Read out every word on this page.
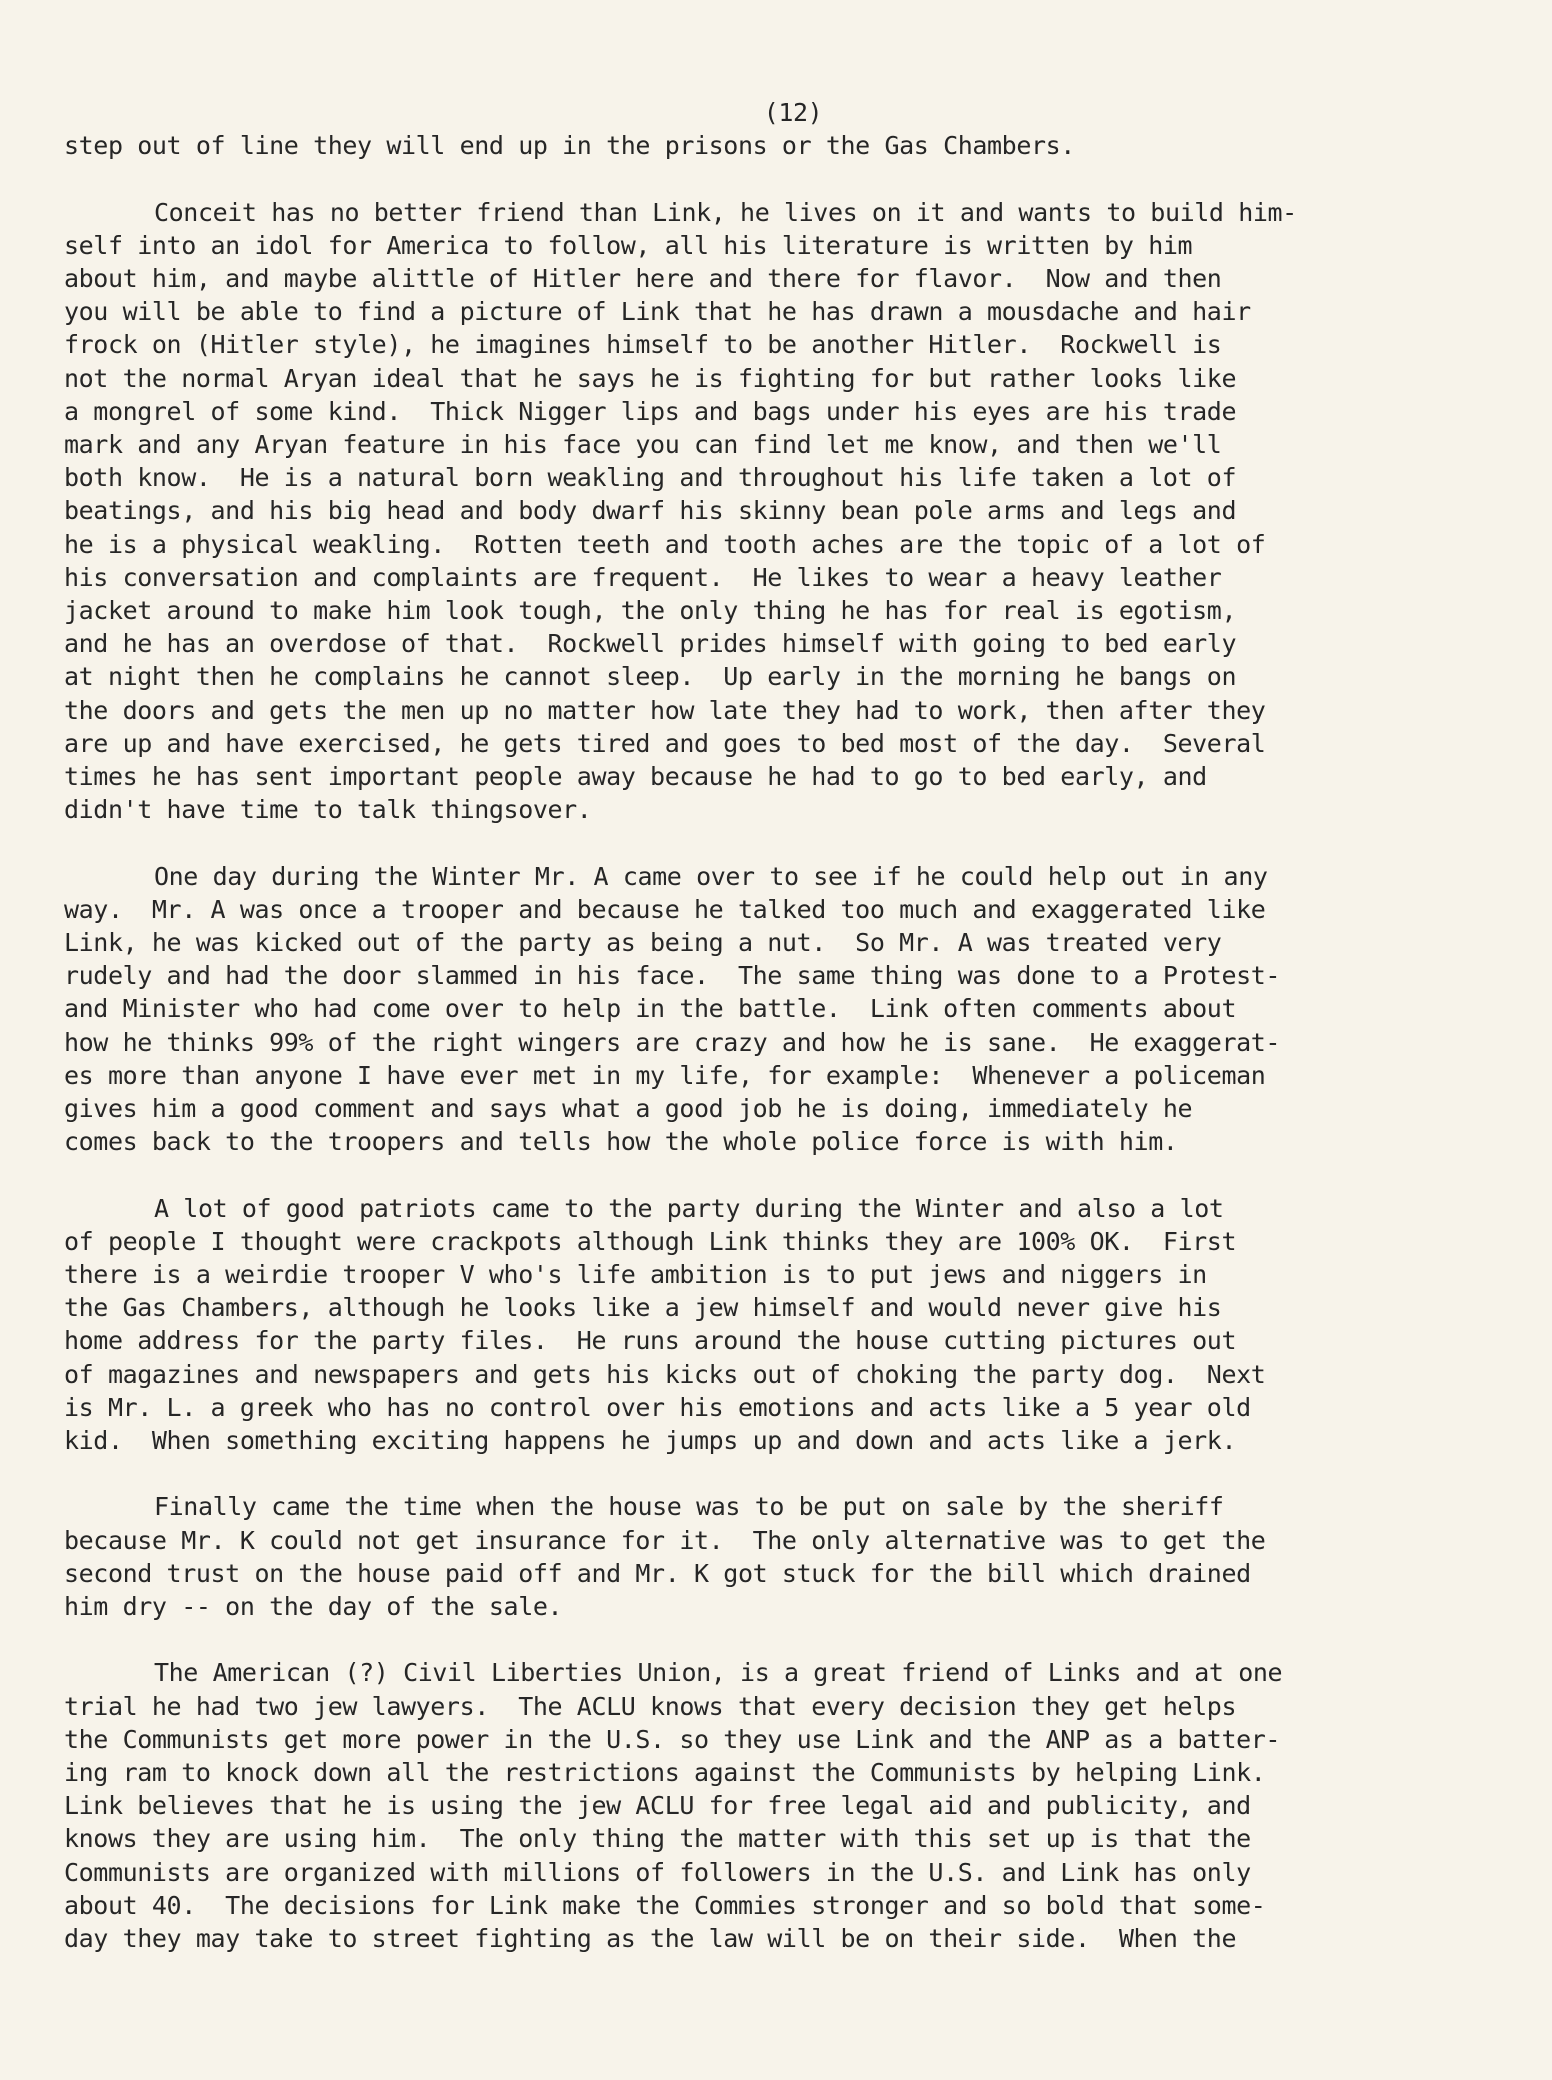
(12)
step out of line they will end up in the prisons or the Gas Chambers.
Conceit has no better friend than Link, he lives on it and wants to build him-
self into an idol for America to follow, all his literature is written by him
about him, and maybe alittle of Hitler here and there for flavor.  Now and then
you will be able to find a picture of Link that he has drawn a mousdache and hair
frock on (Hitler style), he imagines himself to be another Hitler.  Rockwell is
not the normal Aryan ideal that he says he is fighting for but rather looks like
a mongrel of some kind.  Thick Nigger lips and bags under his eyes are his trade
mark and any Aryan feature in his face you can find let me know, and then we'll
both know.  He is a natural born weakling and throughout his life taken a lot of
beatings, and his big head and body dwarf his skinny bean pole arms and legs and
he is a physical weakling.  Rotten teeth and tooth aches are the topic of a lot of
his conversation and complaints are frequent.  He likes to wear a heavy leather
jacket around to make him look tough, the only thing he has for real is egotism,
and he has an overdose of that.  Rockwell prides himself with going to bed early
at night then he complains he cannot sleep.  Up early in the morning he bangs on
the doors and gets the men up no matter how late they had to work, then after they
are up and have exercised, he gets tired and goes to bed most of the day.  Several
times he has sent important people away because he had to go to bed early, and
didn't have time to talk thingsover.
One day during the Winter Mr. A came over to see if he could help out in any
way.  Mr. A was once a trooper and because he talked too much and exaggerated like
Link, he was kicked out of the party as being a nut.  So Mr. A was treated very
rudely and had the door slammed in his face.  The same thing was done to a Protest-
and Minister who had come over to help in the battle.  Link often comments about
how he thinks 99% of the right wingers are crazy and how he is sane.  He exaggerat-
es more than anyone I have ever met in my life, for example:  Whenever a policeman
gives him a good comment and says what a good job he is doing, immediately he
comes back to the troopers and tells how the whole police force is with him.
A lot of good patriots came to the party during the Winter and also a lot
of people I thought were crackpots although Link thinks they are 100% OK.  First
there is a weirdie trooper V who's life ambition is to put jews and niggers in
the Gas Chambers, although he looks like a jew himself and would never give his
home address for the party files.  He runs around the house cutting pictures out
of magazines and newspapers and gets his kicks out of choking the party dog.  Next
is Mr. L. a greek who has no control over his emotions and acts like a 5 year old
kid.  When something exciting happens he jumps up and down and acts like a jerk.
Finally came the time when the house was to be put on sale by the sheriff
because Mr. K could not get insurance for it.  The only alternative was to get the
second trust on the house paid off and Mr. K got stuck for the bill which drained
him dry -- on the day of the sale.
The American (?) Civil Liberties Union, is a great friend of Links and at one
trial he had two jew lawyers.  The ACLU knows that every decision they get helps
the Communists get more power in the U.S. so they use Link and the ANP as a batter-
ing ram to knock down all the restrictions against the Communists by helping Link.
Link believes that he is using the jew ACLU for free legal aid and publicity, and
knows they are using him.  The only thing the matter with this set up is that the
Communists are organized with millions of followers in the U.S. and Link has only
about 40.  The decisions for Link make the Commies stronger and so bold that some-
day they may take to street fighting as the law will be on their side.  When the
